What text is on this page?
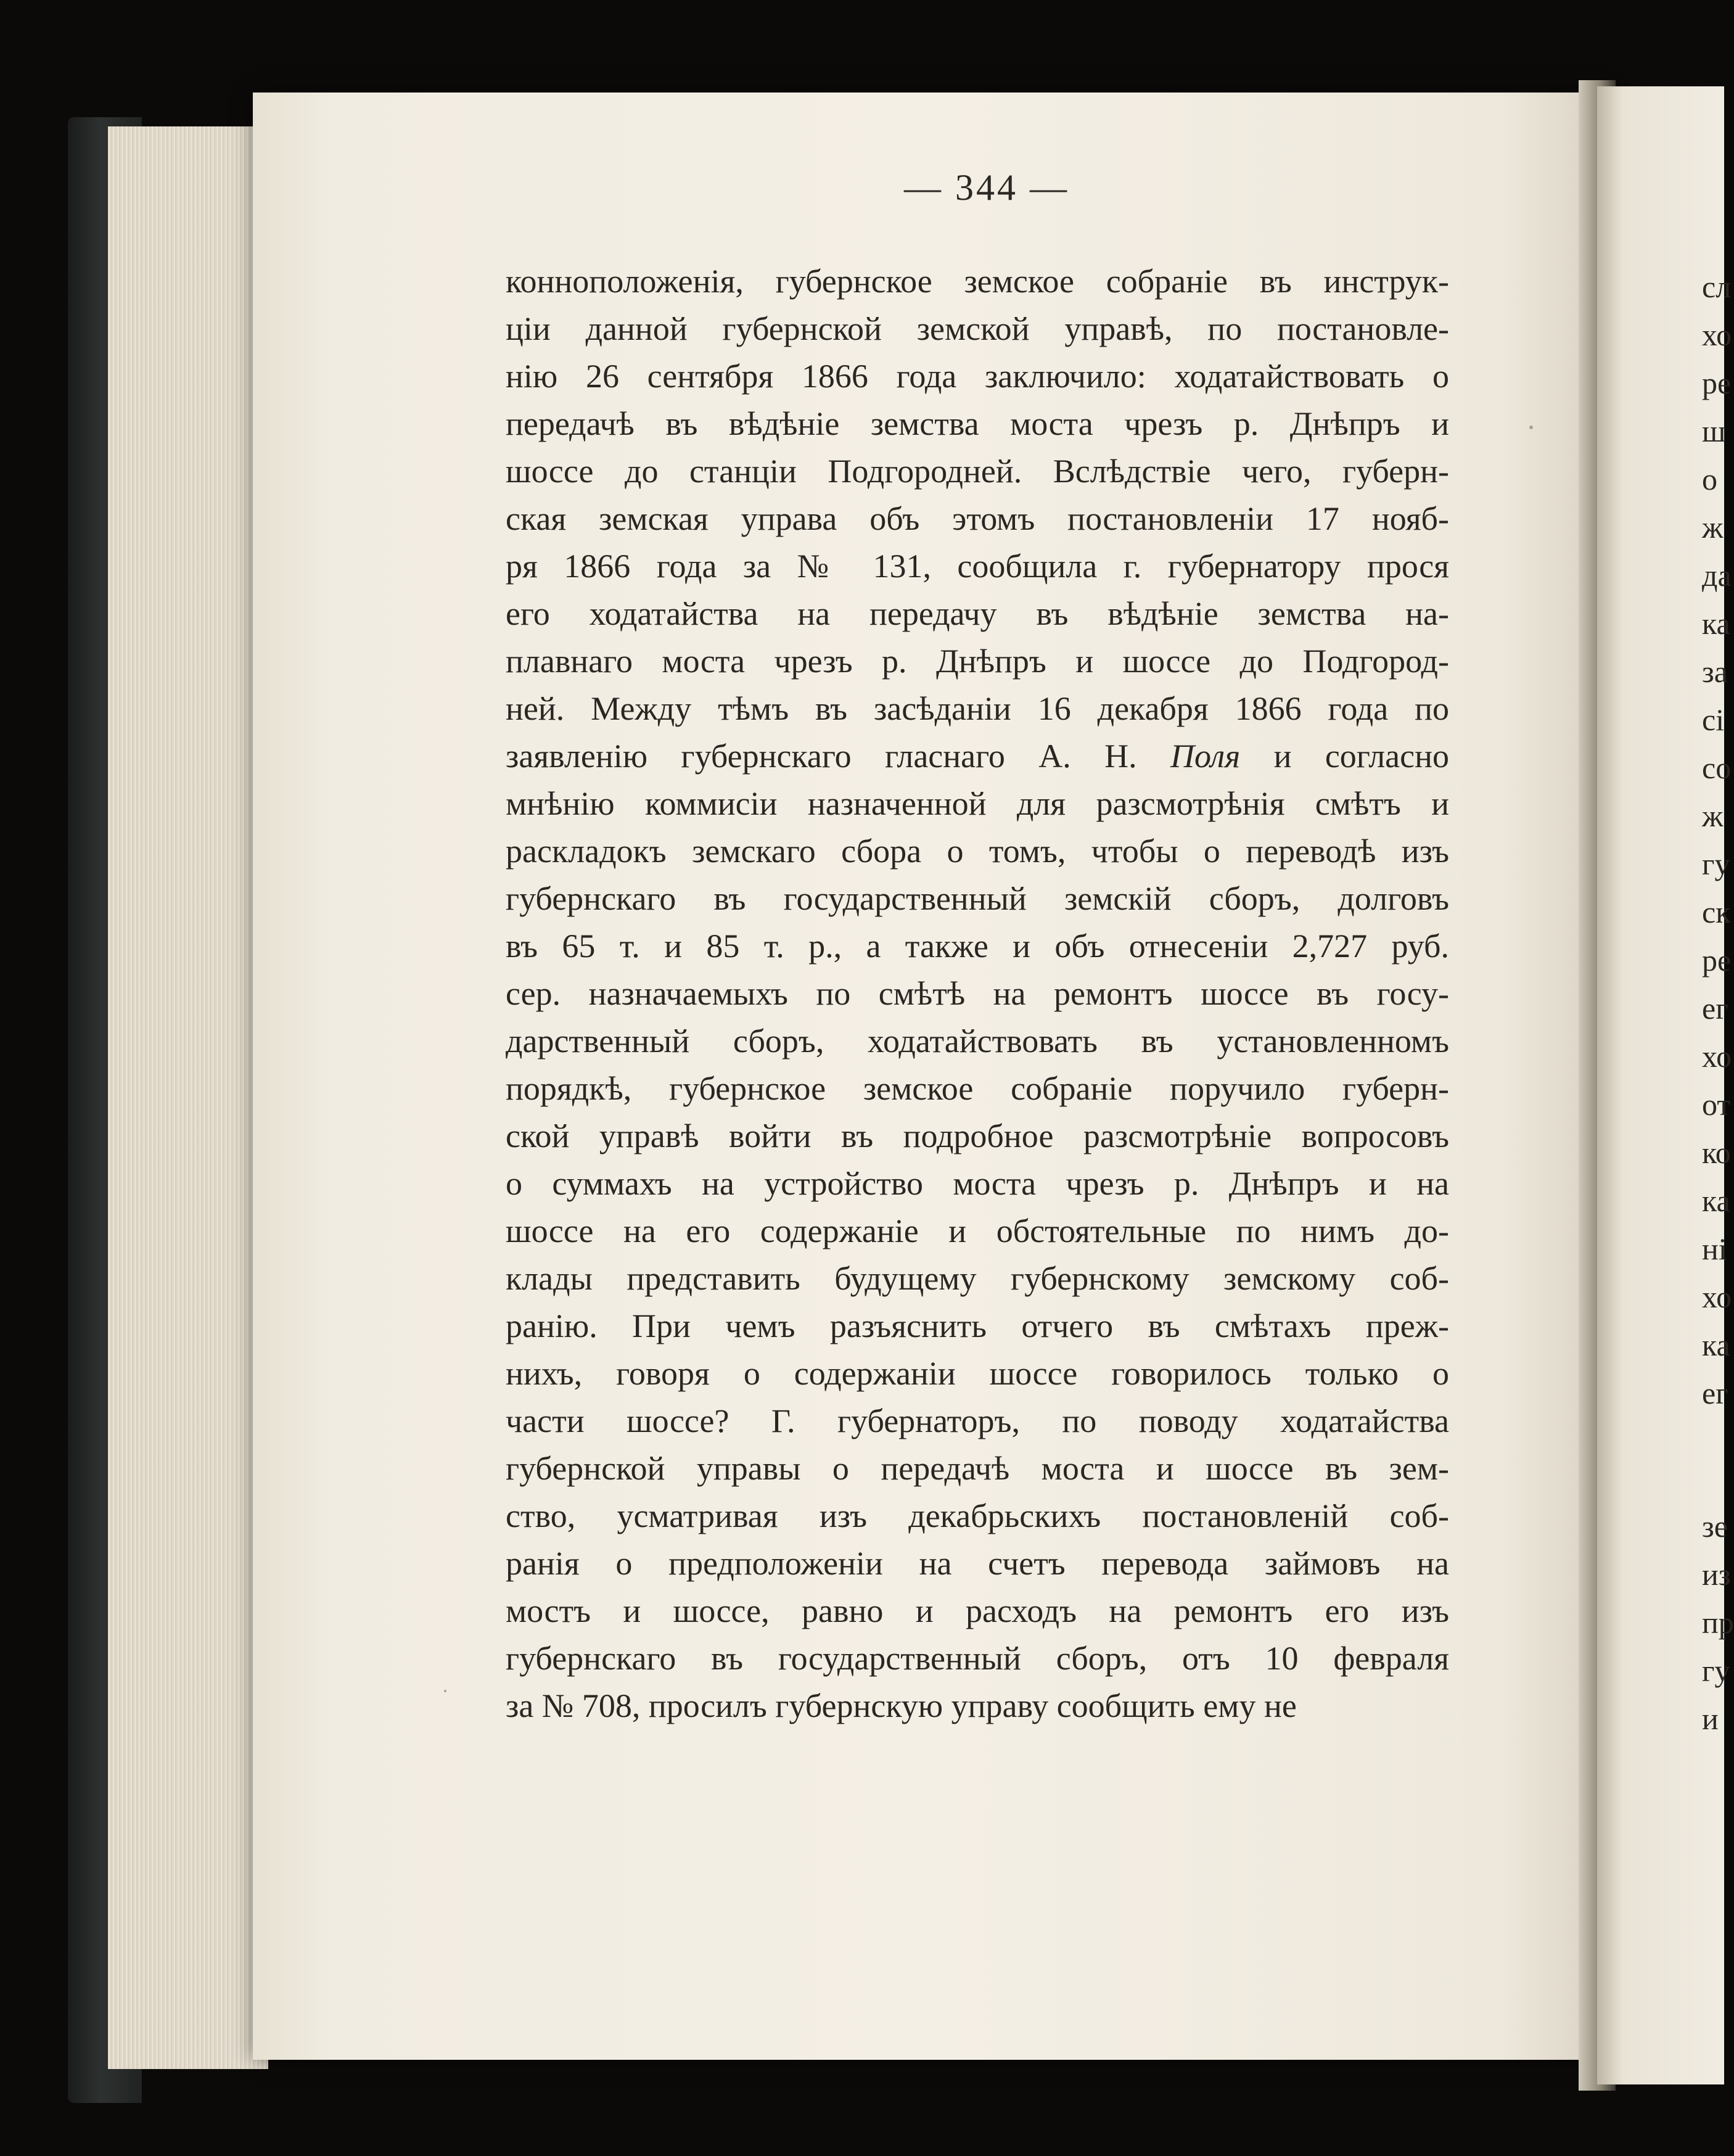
— 344 —
конноположенія, губернское земское собраніе въ инструк-
ціи данной губернской земской управѣ, по постановле-
нію 26 сентября 1866 года заключило: ходатайствовать о
передачѣ въ вѣдѣніе земства моста чрезъ р. Днѣпръ и
шоссе до станціи Подгородней. Вслѣдствіе чего, губерн-
ская земская управа объ этомъ постановленіи 17 нояб-
ря 1866 года за № 131, сообщила г. губернатору прося
его ходатайства на передачу въ вѣдѣніе земства на-
плавнаго моста чрезъ р. Днѣпръ и шоссе до Подгород-
ней. Между тѣмъ въ засѣданіи 16 декабря 1866 года по
заявленію губернскаго гласнаго А. Н. Поля и согласно
мнѣнію коммисіи назначенной для разсмотрѣнія смѣтъ и
раскладокъ земскаго сбора о томъ, чтобы о переводѣ изъ
губернскаго въ государственный земскій сборъ, долговъ
въ 65 т. и 85 т. р., а также и объ отнесеніи 2,727 руб.
сер. назначаемыхъ по смѣтѣ на ремонтъ шоссе въ госу-
дарственный сборъ, ходатайствовать въ установленномъ
порядкѣ, губернское земское собраніе поручило губерн-
ской управѣ войти въ подробное разсмотрѣніе вопросовъ
о суммахъ на устройство моста чрезъ р. Днѣпръ и на
шоссе на его содержаніе и обстоятельные по нимъ до-
клады представить будущему губернскому земскому соб-
ранію. При чемъ разъяснить отчего въ смѣтахъ преж-
нихъ, говоря о содержаніи шоссе говорилось только о
части шоссе? Г. губернаторъ, по поводу ходатайства
губернской управы о передачѣ моста и шоссе въ зем-
ство, усматривая изъ декабрьскихъ постановленій соб-
ранія о предположеніи на счетъ перевода займовъ на
мостъ и шоссе, равно и расходъ на ремонтъ его изъ
губернскаго въ государственный сборъ, отъ 10 февраля
за № 708, просилъ губернскую управу сообщить ему не
сл
хо
ре
ш
о
ж
да
ка
за
сі
со
ж
гу
ск
ре
ег
хо
от
ко
ка
ні
хо
ка
ег
зе
из
пр
гу
и
